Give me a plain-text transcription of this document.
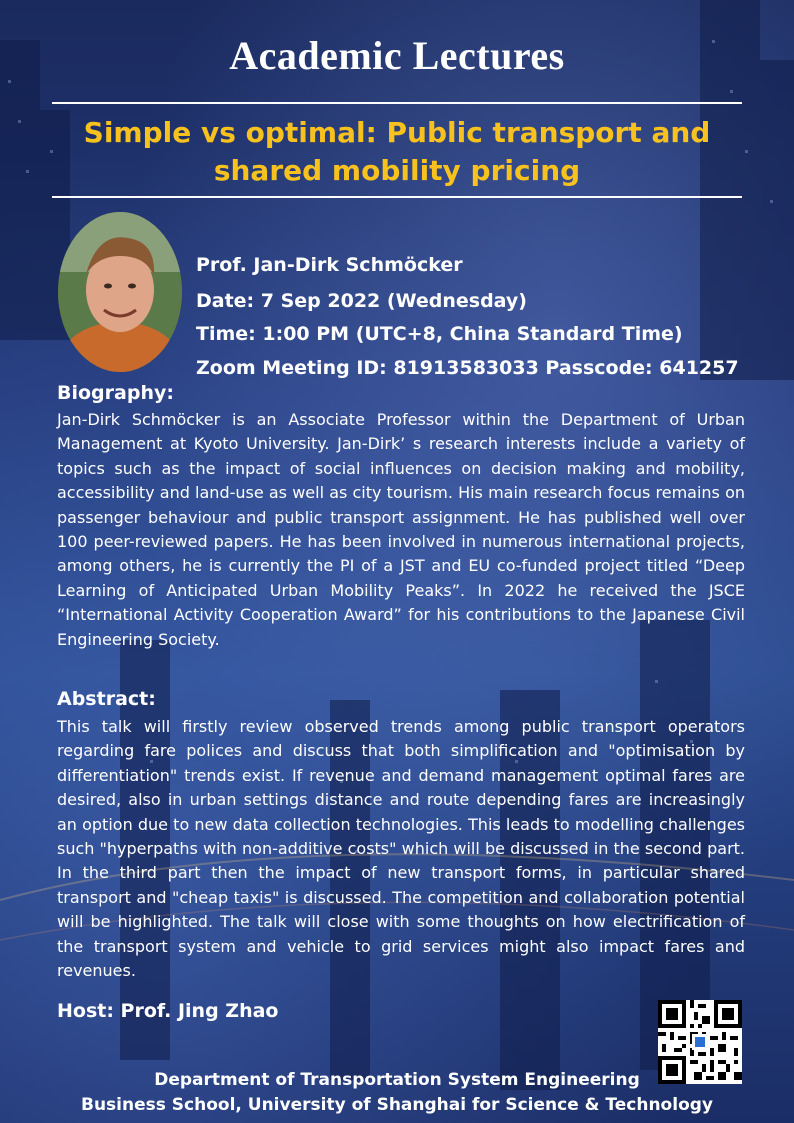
Academic Lectures
Simple vs optimal: Public transport and
shared mobility pricing
Prof. Jan-Dirk Schmöcker
Date: 7 Sep 2022 (Wednesday)
Time: 1:00 PM (UTC+8, China Standard Time)
Zoom Meeting ID: 81913583033 Passcode: 641257
Biography:
Jan-Dirk Schmöcker is an Associate Professor within the Department of Urban Management at Kyoto University. Jan-Dirk’ s research interests include a variety of topics such as the impact of social influences on decision making and mobility, accessibility and land-use as well as city tourism. His main research focus remains on passenger behaviour and public transport assignment. He has published well over 100 peer-reviewed papers. He has been involved in numerous international projects, among others, he is currently the PI of a JST and EU co-funded project titled “Deep Learning of Anticipated Urban Mobility Peaks”. In 2022 he received the JSCE “International Activity Cooperation Award” for his contributions to the Japanese Civil Engineering Society.
Abstract:
This talk will firstly review observed trends among public transport operators regarding fare polices and discuss that both simplification and "optimisation by differentiation" trends exist. If revenue and demand management optimal fares are desired, also in urban settings distance and route depending fares are increasingly an option due to new data collection technologies. This leads to modelling challenges such "hyperpaths with non-additive costs" which will be discussed in the second part. In the third part then the impact of new transport forms, in particular shared transport and "cheap taxis" is discussed. The competition and collaboration potential will be highlighted. The talk will close with some thoughts on how electrification of the transport system and vehicle to grid services might also impact fares and revenues.
Host: Prof. Jing Zhao
Department of Transportation System Engineering
Business School, University of Shanghai for Science & Technology
